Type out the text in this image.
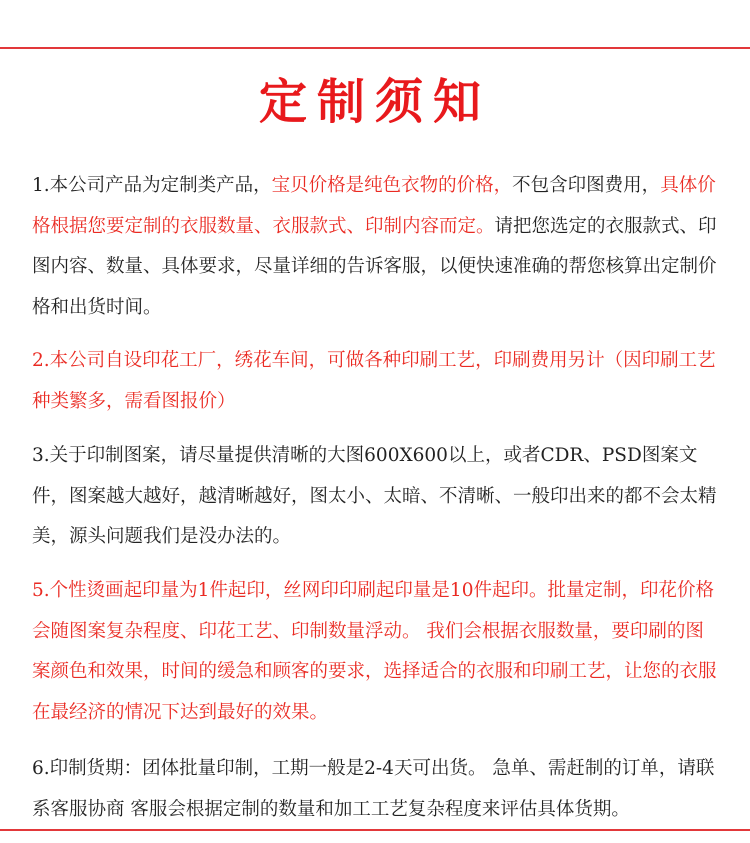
定制须知

1.本公司产品为定制类产品，宝贝价格是纯色衣物的价格，不包含印图费用，具体价格根据您要定制的衣服数量、衣服款式、印制内容而定。请把您选定的衣服款式、印图内容、数量、具体要求，尽量详细的告诉客服，以便快速准确的帮您核算出定制价格和出货时间。

2.本公司自设印花工厂，绣花车间，可做各种印刷工艺，印刷费用另计（因印刷工艺种类繁多，需看图报价）

3.关于印制图案，请尽量提供清晰的大图600X600以上，或者CDR、PSD图案文件，图案越大越好，越清晰越好，图太小、太暗、不清晰、一般印出来的都不会太精美，源头问题我们是没办法的。

5.个性烫画起印量为1件起印，丝网印印刷起印量是10件起印。批量定制，印花价格会随图案复杂程度、印花工艺、印制数量浮动。 我们会根据衣服数量，要印刷的图案颜色和效果，时间的缓急和顾客的要求，选择适合的衣服和印刷工艺，让您的衣服在最经济的情况下达到最好的效果。

6.印制货期：团体批量印制，工期一般是2-4天可出货。 急单、需赶制的订单，请联系客服协商 客服会根据定制的数量和加工工艺复杂程度来评估具体货期。
